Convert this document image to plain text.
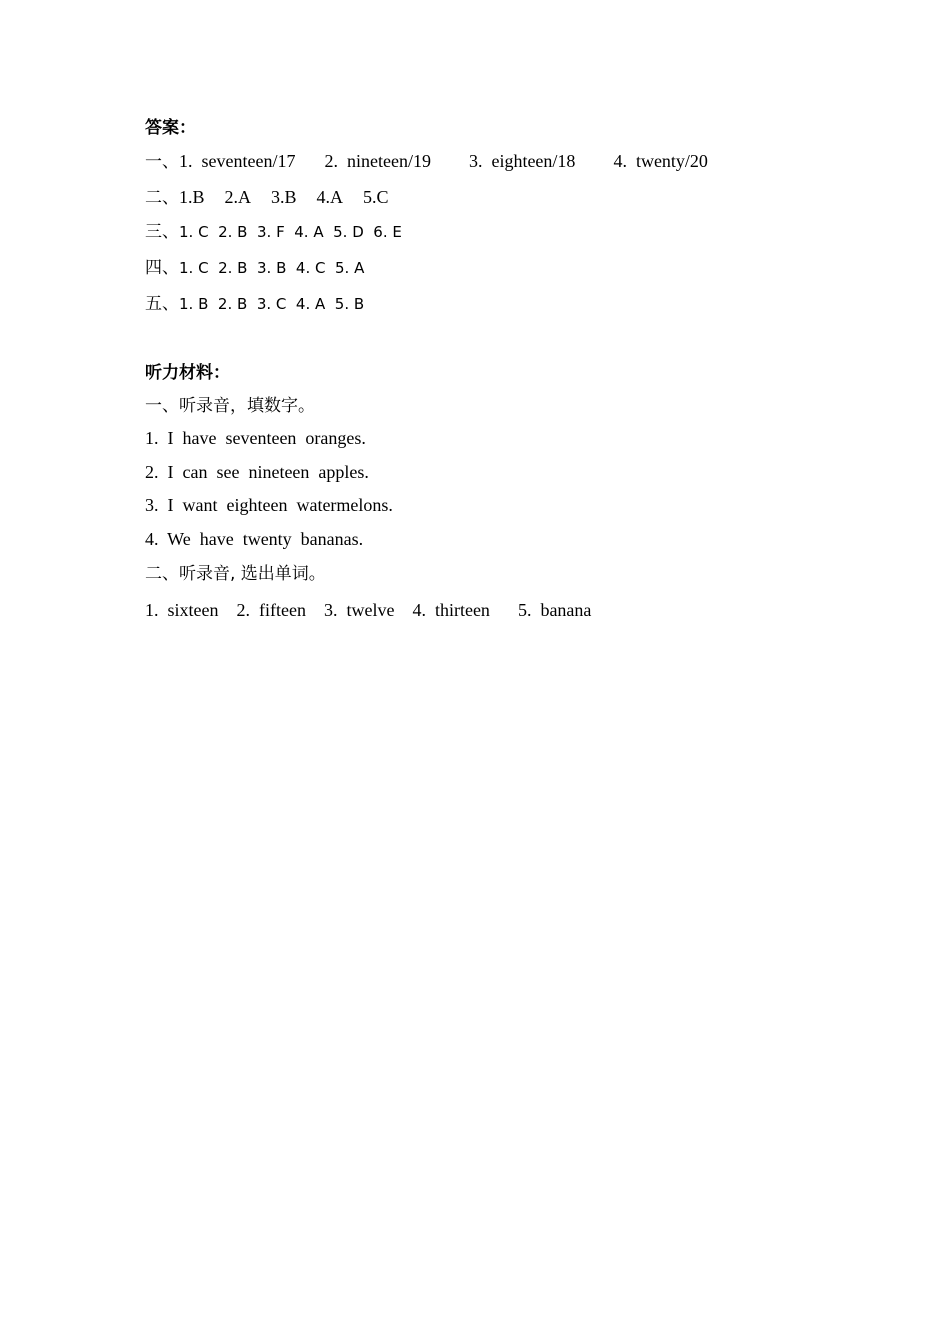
答案：
一、 1.  seventeen/17 2.  nineteen/19 3.  eighteen/18 4.  twenty/20
二、 1.B 2.A 3.B 4.A 5.C
三、 1. C  2. B  3. F  4. A  5. D  6. E
四、 1. C  2. B  3. B  4. C  5. A
五、 1. B  2. B  3. C  4. A  5. B
听力材料：
一、听录音，填数字。
1.  I  have  seventeen  oranges.
2.  I  can  see  nineteen  apples.
3.  I  want  eighteen  watermelons.
4.  We  have  twenty  bananas.
二、听录音, 选出单词。
1.  sixteen 2.  fifteen 3.  twelve 4.  thirteen 5.  banana
